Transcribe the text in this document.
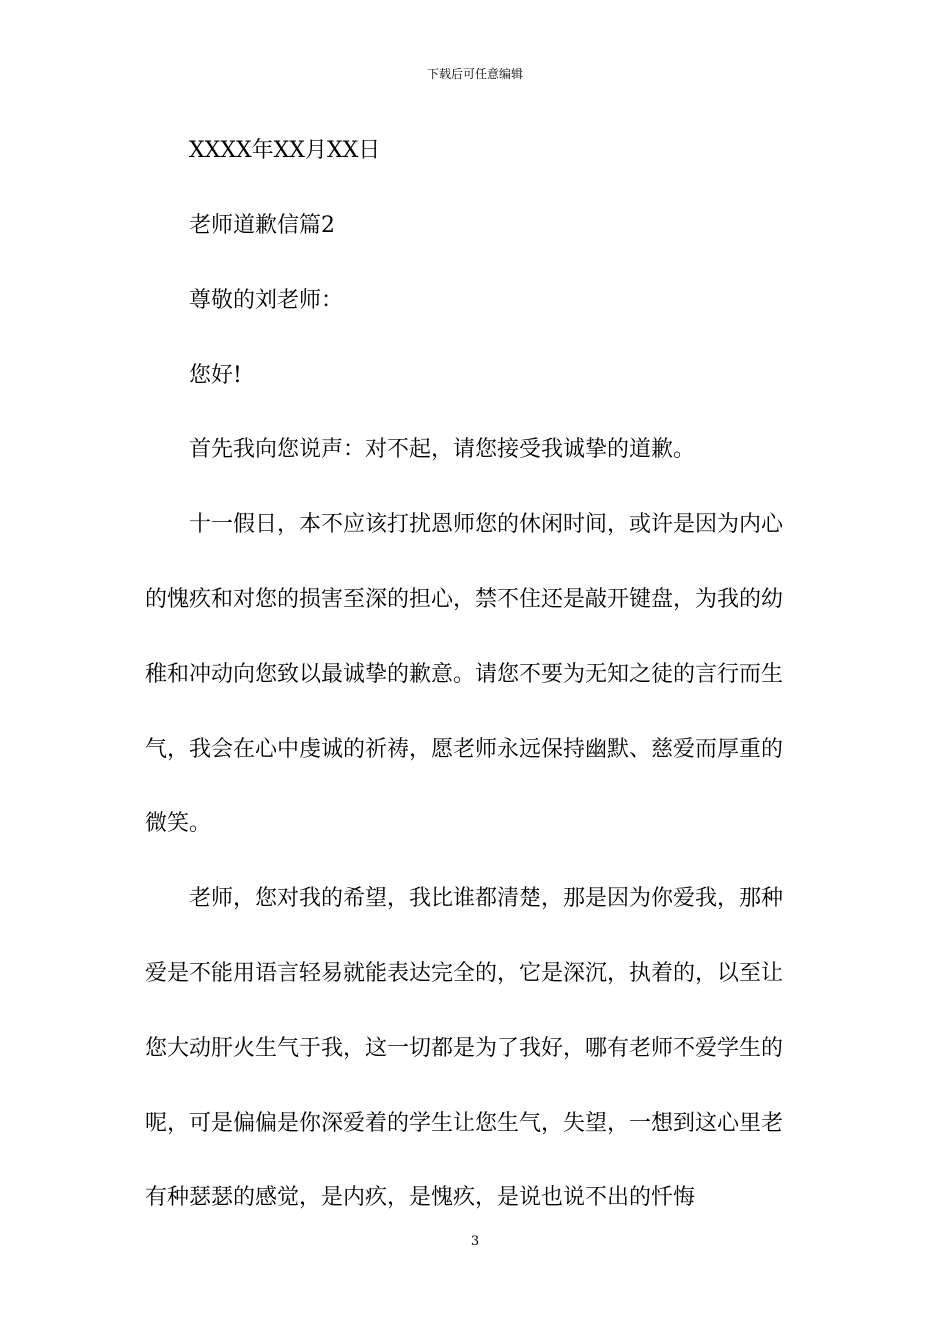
下载后可任意编辑
XXXX年XX月XX日
老师道歉信篇2
尊敬的刘老师：
您好!
首先我向您说声：对不起，请您接受我诚挚的道歉。
十一假日，本不应该打扰恩师您的休闲时间，或许是因为内心
的愧疚和对您的损害至深的担心，禁不住还是敲开键盘，为我的幼
稚和冲动向您致以最诚挚的歉意。请您不要为无知之徒的言行而生
气，我会在心中虔诚的祈祷，愿老师永远保持幽默、慈爱而厚重的
微笑。
老师，您对我的希望，我比谁都清楚，那是因为你爱我，那种
爱是不能用语言轻易就能表达完全的，它是深沉，执着的，以至让
您大动肝火生气于我，这一切都是为了我好，哪有老师不爱学生的
呢，可是偏偏是你深爱着的学生让您生气，失望，一想到这心里老
有种瑟瑟的感觉，是内疚，是愧疚，是说也说不出的忏悔
3
